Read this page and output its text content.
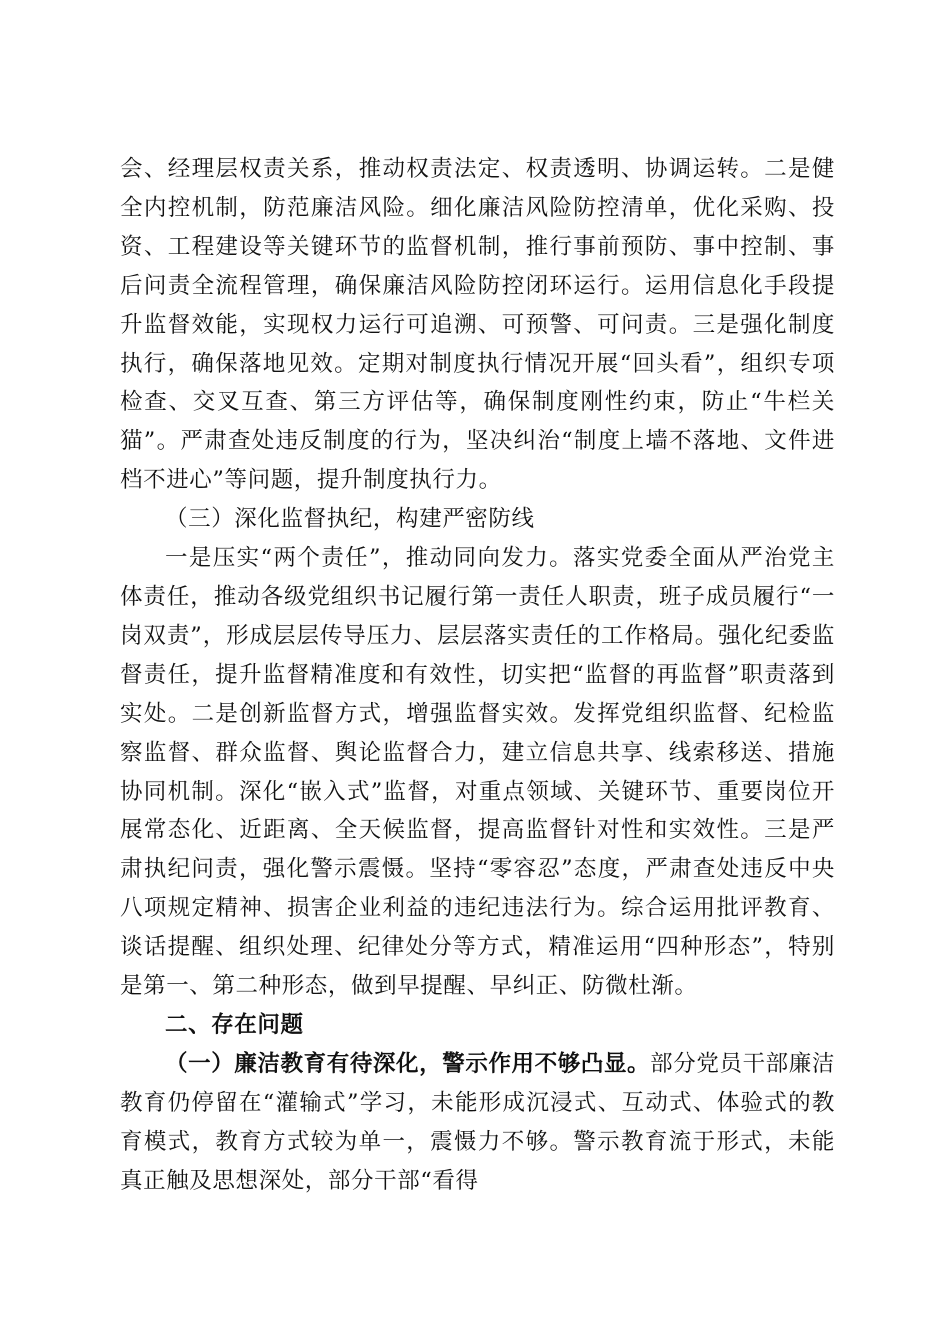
会、经理层权责关系，推动权责法定、权责透明、协调运转。二是健全内控机制，防范廉洁风险。细化廉洁风险防控清单，优化采购、投资、工程建设等关键环节的监督机制，推行事前预防、事中控制、事后问责全流程管理，确保廉洁风险防控闭环运行。运用信息化手段提升监督效能，实现权力运行可追溯、可预警、可问责。三是强化制度执行，确保落地见效。定期对制度执行情况开展“回头看”，组织专项检查、交叉互查、第三方评估等，确保制度刚性约束，防止“牛栏关猫”。严肃查处违反制度的行为，坚决纠治“制度上墙不落地、文件进档不进心”等问题，提升制度执行力。

（三）深化监督执纪，构建严密防线

一是压实“两个责任”，推动同向发力。落实党委全面从严治党主体责任，推动各级党组织书记履行第一责任人职责，班子成员履行“一岗双责”，形成层层传导压力、层层落实责任的工作格局。强化纪委监督责任，提升监督精准度和有效性，切实把“监督的再监督”职责落到实处。二是创新监督方式，增强监督实效。发挥党组织监督、纪检监察监督、群众监督、舆论监督合力，建立信息共享、线索移送、措施协同机制。深化“嵌入式”监督，对重点领域、关键环节、重要岗位开展常态化、近距离、全天候监督，提高监督针对性和实效性。三是严肃执纪问责，强化警示震慑。坚持“零容忍”态度，严肃查处违反中央八项规定精神、损害企业利益的违纪违法行为。综合运用批评教育、谈话提醒、组织处理、纪律处分等方式，精准运用“四种形态”，特别是第一、第二种形态，做到早提醒、早纠正、防微杜渐。

二、存在问题

（一）廉洁教育有待深化，警示作用不够凸显。部分党员干部廉洁教育仍停留在“灌输式”学习，未能形成沉浸式、互动式、体验式的教育模式，教育方式较为单一，震慑力不够。警示教育流于形式，未能真正触及思想深处，部分干部“看得
